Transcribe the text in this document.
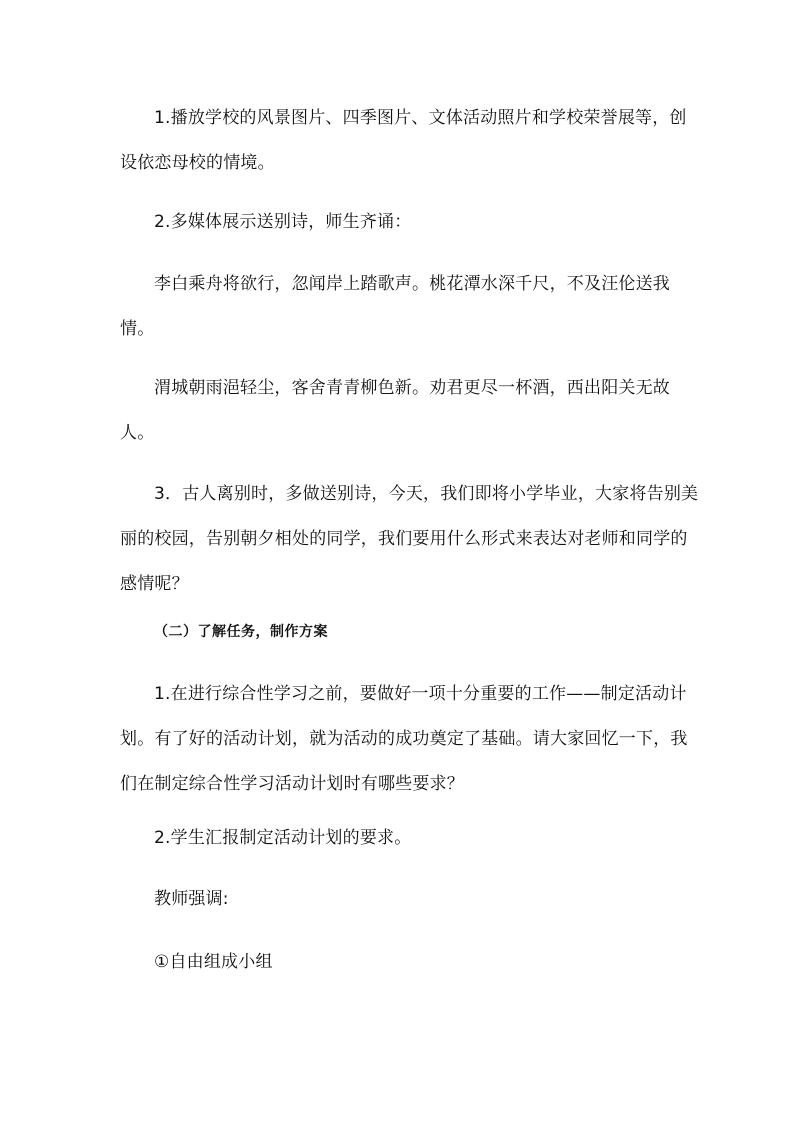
1.播放学校的风景图片、四季图片、文体活动照片和学校荣誉展等，创设依恋母校的情境。

2.多媒体展示送别诗，师生齐诵：

李白乘舟将欲行，忽闻岸上踏歌声。桃花潭水深千尺，不及汪伦送我情。

渭城朝雨浥轻尘，客舍青青柳色新。劝君更尽一杯酒，西出阳关无故人。

3．古人离别时，多做送别诗，今天，我们即将小学毕业，大家将告别美丽的校园，告别朝夕相处的同学，我们要用什么形式来表达对老师和同学的感情呢？

（二）了解任务，制作方案

1.在进行综合性学习之前，要做好一项十分重要的工作——制定活动计划。有了好的活动计划，就为活动的成功奠定了基础。请大家回忆一下，我们在制定综合性学习活动计划时有哪些要求？

2.学生汇报制定活动计划的要求。

教师强调:

①自由组成小组
